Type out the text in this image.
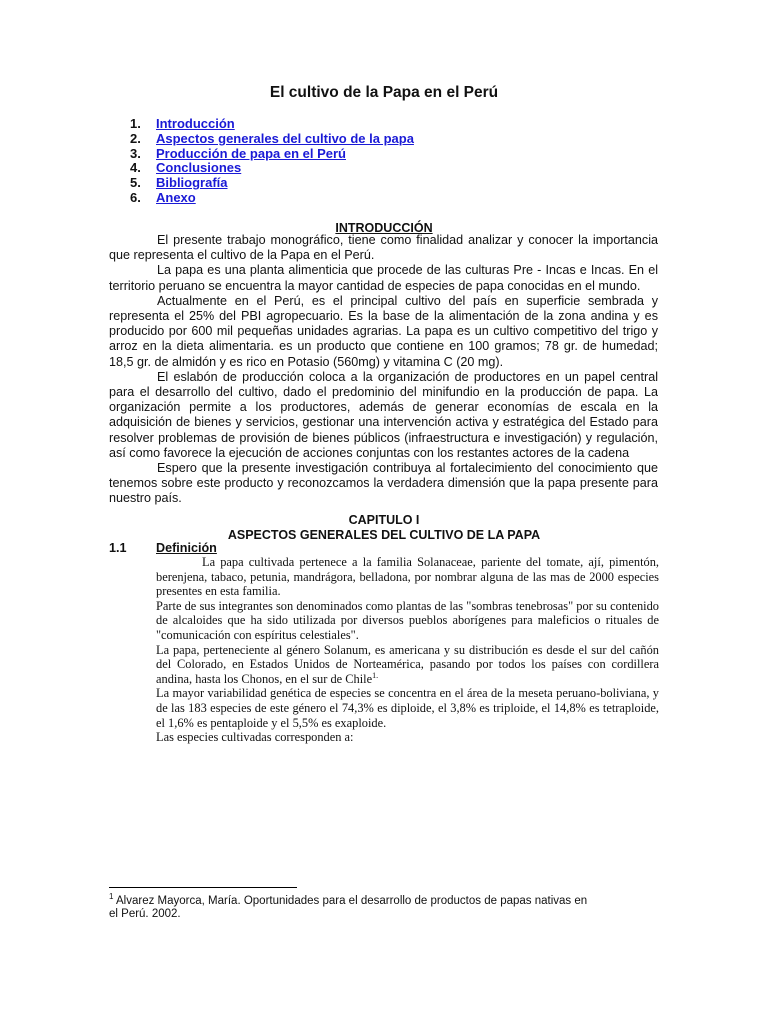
El cultivo de la Papa en el Perú
1. Introducción
2. Aspectos generales del cultivo de la papa
3. Producción de papa en el Perú
4. Conclusiones
5. Bibliografía
6. Anexo
INTRODUCCIÓN

El presente trabajo monográfico, tiene como finalidad analizar y conocer la importancia que representa el cultivo de la Papa en el Perú.

La papa es una planta alimenticia que procede de las culturas Pre - Incas e Incas. En el territorio peruano se encuentra la mayor cantidad de especies de papa conocidas en el mundo.

Actualmente en el Perú, es el principal cultivo del país en superficie sembrada y representa el 25% del PBI agropecuario. Es la base de la alimentación de la zona andina y es producido por 600 mil pequeñas unidades agrarias. La papa es un cultivo competitivo del trigo y arroz en la dieta alimentaria. es un producto que contiene en 100 gramos; 78 gr. de humedad; 18,5 gr. de almidón y es rico en Potasio (560mg) y vitamina C (20 mg).

El eslabón de producción coloca a la organización de productores en un papel central para el desarrollo del cultivo, dado el predominio del minifundio en la producción de papa. La organización permite a los productores, además de generar economías de escala en la adquisición de bienes y servicios, gestionar una intervención activa y estratégica del Estado para resolver problemas de provisión de bienes públicos (infraestructura e investigación) y regulación, así como favorece la ejecución de acciones conjuntas con los restantes actores de la cadena

Espero que la presente investigación contribuya al fortalecimiento del conocimiento que tenemos sobre este producto y reconozcamos la verdadera dimensión que la papa presente para nuestro país.

CAPITULO I
ASPECTOS GENERALES DEL CULTIVO DE LA PAPA
1.1 Definición

La papa cultivada pertenece a la familia Solanaceae, pariente del tomate, ají, pimentón, berenjena, tabaco, petunia, mandrágora, belladona, por nombrar alguna de las mas de 2000 especies presentes en esta familia.

Parte de sus integrantes son denominados como plantas de las "sombras tenebrosas" por su contenido de alcaloides que ha sido utilizada por diversos pueblos aborígenes para maleficios o rituales de "comunicación con espíritus celestiales".

La papa, perteneciente al género Solanum, es americana y su distribución es desde el sur del cañón del Colorado, en Estados Unidos de Norteamérica, pasando por todos los países con cordillera andina, hasta los Chonos, en el sur de Chile$^{1.}$

La mayor variabilidad genética de especies se concentra en el área de la meseta peruano-boliviana, y de las 183 especies de este género el 74,3% es diploide, el 3,8% es triploide, el 14,8% es tetraploide, el 1,6% es pentaploide y el 5,5% es exaploide.

Las especies cultivadas corresponden a:

$^1$ Alvarez Mayorca, María. Oportunidades para el desarrollo de productos de papas nativas en el Perú. 2002.
